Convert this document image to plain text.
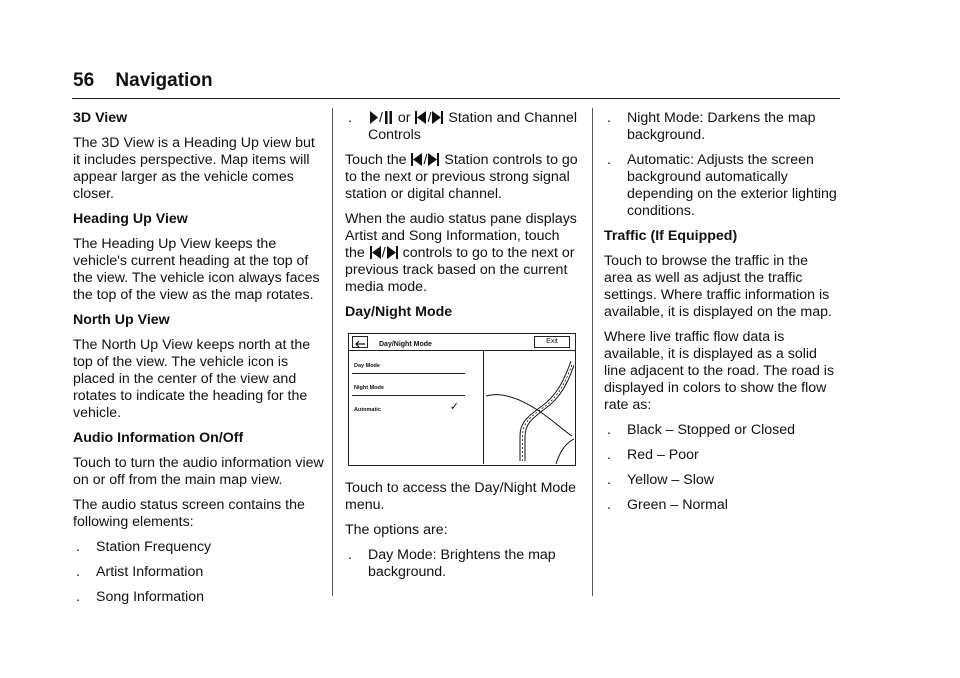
56 Navigation
3D View

The 3D View is a Heading Up view but it includes perspective. Map items will appear larger as the vehicle comes closer.

Heading Up View

The Heading Up View keeps the vehicle's current heading at the top of the view. The vehicle icon always faces the top of the view as the map rotates.

North Up View

The North Up View keeps north at the top of the view. The vehicle icon is placed in the center of the view and rotates to indicate the heading for the vehicle.

Audio Information On/Off

Touch to turn the audio information view on or off from the main map view.

The audio status screen contains the following elements:

. Station Frequency
. Artist Information
. Song Information
. / or / Station and Channel Controls

Touch the / Station controls to go to the next or previous strong signal station or digital channel.

When the audio status pane displays Artist and Song Information, touch the / controls to go to the next or previous track based on the current media mode.

Day/Night Mode
Day/Night Mode	Exit
Day Mode
Night Mode
Automatic	✓

Touch to access the Day/Night Mode menu.

The options are:

. Day Mode: Brightens the map background.
. Night Mode: Darkens the map background.
. Automatic: Adjusts the screen background automatically depending on the exterior lighting conditions.
Traffic (If Equipped)

Touch to browse the traffic in the area as well as adjust the traffic settings. Where traffic information is available, it is displayed on the map.

Where live traffic flow data is available, it is displayed as a solid line adjacent to the road. The road is displayed in colors to show the flow rate as:

. Black – Stopped or Closed
. Red – Poor
. Yellow – Slow
. Green – Normal
